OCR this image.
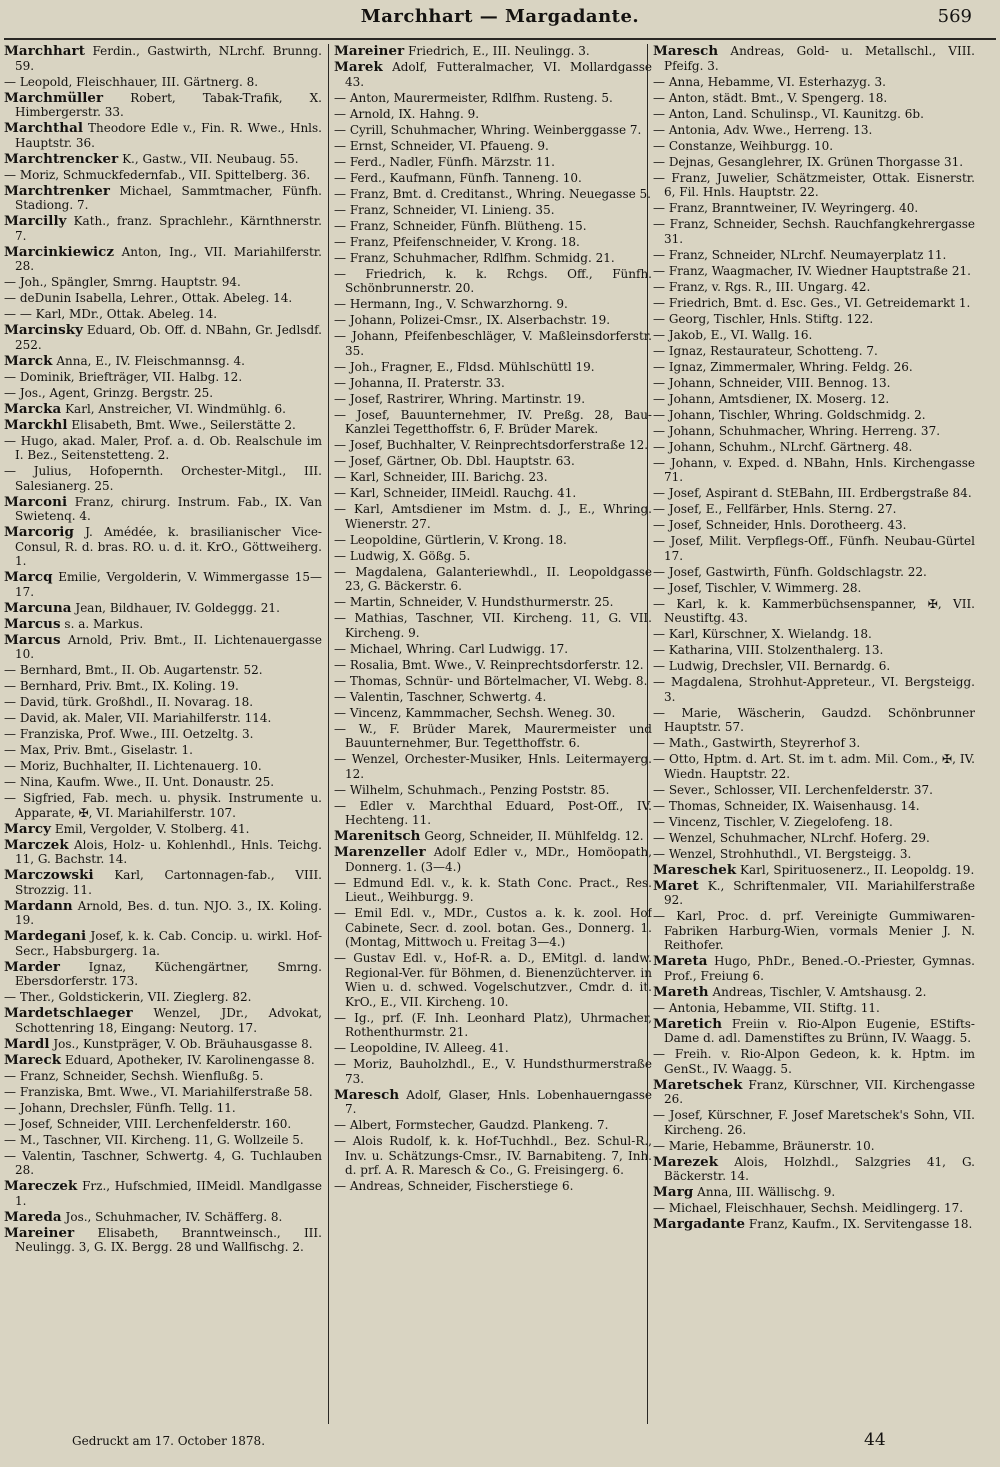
Marchhart — Margadante.	569
Marchhart Ferdin., Gastwirth, NLrchf. Brunng. 59.
— Leopold, Fleischhauer, III. Gärtnerg. 8.
Marchmüller Robert, Tabak-Trafik, X. Himbergerstr. 33.
Marchthal Theodore Edle v., Fin. R. Wwe., Hnls. Hauptstr. 36.
Marchtrencker K., Gastw., VII. Neubaug. 55.
— Moriz, Schmuckfedernfab., VII. Spittelberg. 36.
Marchtrenker Michael, Sammtmacher, Fünfh. Stadiong. 7.
Marcilly Kath., franz. Sprachlehr., Kärnthnerstr. 7.
Marcinkiewicz Anton, Ing., VII. Mariahilferstr. 28.
— Joh., Spängler, Smrng. Hauptstr. 94.
— deDunin Isabella, Lehrer., Ottak. Abeleg. 14.
— — Karl, MDr., Ottak. Abeleg. 14.
Marcinsky Eduard, Ob. Off. d. NBahn, Gr. Jedlsdf. 252.
Marck Anna, E., IV. Fleischmannsg. 4.
— Dominik, Briefträger, VII. Halbg. 12.
— Jos., Agent, Grinzg. Bergstr. 25.
Marcka Karl, Anstreicher, VI. Windmühlg. 6.
Marckhl Elisabeth, Bmt. Wwe., Seilerstätte 2.
— Hugo, akad. Maler, Prof. a. d. Ob. Realschule im I. Bez., Seitenstetteng. 2.
— Julius, Hofopernth. Orchester-Mitgl., III. Salesianerg. 25.
Marconi Franz, chirurg. Instrum. Fab., IX. Van Swietenq. 4.
Marcorig J. Amédée, k. brasilianischer Vice-Consul, R. d. bras. RO. u. d. it. KrO., Göttweiherg. 1.
Marcq Emilie, Vergolderin, V. Wimmergasse 15—17.
Marcuna Jean, Bildhauer, IV. Goldeggg. 21.
Marcus s. a. Markus.
Marcus Arnold, Priv. Bmt., II. Lichtenauergasse 10.
— Bernhard, Bmt., II. Ob. Augartenstr. 52.
— Bernhard, Priv. Bmt., IX. Koling. 19.
— David, türk. Großhdl., II. Novarag. 18.
— David, ak. Maler, VII. Mariahilferstr. 114.
— Franziska, Prof. Wwe., III. Oetzeltg. 3.
— Max, Priv. Bmt., Giselastr. 1.
— Moriz, Buchhalter, II. Lichtenauerg. 10.
— Nina, Kaufm. Wwe., II. Unt. Donaustr. 25.
— Sigfried, Fab. mech. u. physik. Instrumente u. Apparate, ✠, VI. Mariahilferstr. 107.
Marcy Emil, Vergolder, V. Stolberg. 41.
Marczek Alois, Holz- u. Kohlenhdl., Hnls. Teichg. 11, G. Bachstr. 14.
Marczowski Karl, Cartonnagen-fab., VIII. Strozzig. 11.
Mardann Arnold, Bes. d. tun. NJO. 3., IX. Koling. 19.
Mardegani Josef, k. k. Cab. Concip. u. wirkl. Hof-Secr., Habsburgerg. 1a.
Marder Ignaz, Küchengärtner, Smrng. Ebersdorferstr. 173.
— Ther., Goldstickerin, VII. Zieglerg. 82.
Mardetschlaeger Wenzel, JDr., Advokat, Schottenring 18, Eingang: Neutorg. 17.
Mardl Jos., Kunstpräger, V. Ob. Bräuhausgasse 8.
Mareck Eduard, Apotheker, IV. Karolinengasse 8.
— Franz, Schneider, Sechsh. Wienflußg. 5.
— Franziska, Bmt. Wwe., VI. Mariahilferstraße 58.
— Johann, Drechsler, Fünfh. Tellg. 11.
— Josef, Schneider, VIII. Lerchenfelderstr. 160.
— M., Taschner, VII. Kircheng. 11, G. Wollzeile 5.
— Valentin, Taschner, Schwertg. 4, G. Tuchlauben 28.
Mareczek Frz., Hufschmied, IIMeidl. Mandlgasse 1.
Mareda Jos., Schuhmacher, IV. Schäfferg. 8.
Mareiner Elisabeth, Branntweinsch., III. Neulingg. 3, G. IX. Bergg. 28 und Wallfischg. 2.
Mareiner Friedrich, E., III. Neulingg. 3.
Marek Adolf, Futteralmacher, VI. Mollardgasse 43.
— Anton, Maurermeister, Rdlfhm. Rusteng. 5.
— Arnold, IX. Hahng. 9.
— Cyrill, Schuhmacher, Whring. Weinberggasse 7.
— Ernst, Schneider, VI. Pfaueng. 9.
— Ferd., Nadler, Fünfh. Märzstr. 11.
— Ferd., Kaufmann, Fünfh. Tanneng. 10.
— Franz, Bmt. d. Creditanst., Whring. Neuegasse 5.
— Franz, Schneider, VI. Linieng. 35.
— Franz, Schneider, Fünfh. Blütheng. 15.
— Franz, Pfeifenschneider, V. Krong. 18.
— Franz, Schuhmacher, Rdlfhm. Schmidg. 21.
— Friedrich, k. k. Rchgs. Off., Fünfh. Schönbrunnerstr. 20.
— Hermann, Ing., V. Schwarzhorng. 9.
— Johann, Polizei-Cmsr., IX. Alserbachstr. 19.
— Johann, Pfeifenbeschläger, V. Maßleinsdorferstr. 35.
— Joh., Fragner, E., Fldsd. Mühlschüttl 19.
— Johanna, II. Praterstr. 33.
— Josef, Rastrirer, Whring. Martinstr. 19.
— Josef, Bauunternehmer, IV. Preßg. 28, Bau-Kanzlei Tegetthoffstr. 6, F. Brüder Marek.
— Josef, Buchhalter, V. Reinprechtsdorferstraße 12.
— Josef, Gärtner, Ob. Dbl. Hauptstr. 63.
— Karl, Schneider, III. Barichg. 23.
— Karl, Schneider, IIMeidl. Rauchg. 41.
— Karl, Amtsdiener im Mstm. d. J., E., Whring. Wienerstr. 27.
— Leopoldine, Gürtlerin, V. Krong. 18.
— Ludwig, X. Gößg. 5.
— Magdalena, Galanteriewhdl., II. Leopoldgasse 23, G. Bäckerstr. 6.
— Martin, Schneider, V. Hundsthurmerstr. 25.
— Mathias, Taschner, VII. Kircheng. 11, G. VII. Kircheng. 9.
— Michael, Whring. Carl Ludwigg. 17.
— Rosalia, Bmt. Wwe., V. Reinprechtsdorferstr. 12.
— Thomas, Schnür- und Börtelmacher, VI. Webg. 8.
— Valentin, Taschner, Schwertg. 4.
— Vincenz, Kammmacher, Sechsh. Weneg. 30.
— W., F. Brüder Marek, Maurermeister und Bauunternehmer, Bur. Tegetthoffstr. 6.
— Wenzel, Orchester-Musiker, Hnls. Leitermayerg. 12.
— Wilhelm, Schuhmach., Penzing Poststr. 85.
— Edler v. Marchthal Eduard, Post-Off., IV. Hechteng. 11.
Marenitsch Georg, Schneider, II. Mühlfeldg. 12.
Marenzeller Adolf Edler v., MDr., Homöopath, Donnerg. 1. (3—4.)
— Edmund Edl. v., k. k. Stath Conc. Pract., Res. Lieut., Weihburgg. 9.
— Emil Edl. v., MDr., Custos a. k. k. zool. Hof Cabinete, Secr. d. zool. botan. Ges., Donnerg. 1. (Montag, Mittwoch u. Freitag 3—4.)
— Gustav Edl. v., Hof-R. a. D., EMitgl. d. landw. Regional-Ver. für Böhmen, d. Bienenzüchterver. in Wien u. d. schwed. Vogelschutzver., Cmdr. d. it. KrO., E., VII. Kircheng. 10.
— Ig., prf. (F. Inh. Leonhard Platz), Uhrmacher, Rothenthurmstr. 21.
— Leopoldine, IV. Alleeg. 41.
— Moriz, Bauholzhdl., E., V. Hundsthurmerstraße 73.
Maresch Adolf, Glaser, Hnls. Lobenhauerngasse 7.
— Albert, Formstecher, Gaudzd. Plankeng. 7.
— Alois Rudolf, k. k. Hof-Tuchhdl., Bez. Schul-R., Inv. u. Schätzungs-Cmsr., IV. Barnabiteng. 7, Inh. d. prf. A. R. Maresch & Co., G. Freisingerg. 6.
— Andreas, Schneider, Fischerstiege 6.
Maresch Andreas, Gold- u. Metallschl., VIII. Pfeifg. 3.
— Anna, Hebamme, VI. Esterhazyg. 3.
— Anton, städt. Bmt., V. Spengerg. 18.
— Anton, Land. Schulinsp., VI. Kaunitzg. 6b.
— Antonia, Adv. Wwe., Herreng. 13.
— Constanze, Weihburgg. 10.
— Dejnas, Gesanglehrer, IX. Grünen Thorgasse 31.
— Franz, Juwelier, Schätzmeister, Ottak. Eisnerstr. 6, Fil. Hnls. Hauptstr. 22.
— Franz, Branntweiner, IV. Weyringerg. 40.
— Franz, Schneider, Sechsh. Rauchfangkehrergasse 31.
— Franz, Schneider, NLrchf. Neumayerplatz 11.
— Franz, Waagmacher, IV. Wiedner Hauptstraße 21.
— Franz, v. Rgs. R., III. Ungarg. 42.
— Friedrich, Bmt. d. Esc. Ges., VI. Getreidemarkt 1.
— Georg, Tischler, Hnls. Stiftg. 122.
— Jakob, E., VI. Wallg. 16.
— Ignaz, Restaurateur, Schotteng. 7.
— Ignaz, Zimmermaler, Whring. Feldg. 26.
— Johann, Schneider, VIII. Bennog. 13.
— Johann, Amtsdiener, IX. Moserg. 12.
— Johann, Tischler, Whring. Goldschmidg. 2.
— Johann, Schuhmacher, Whring. Herreng. 37.
— Johann, Schuhm., NLrchf. Gärtnerg. 48.
— Johann, v. Exped. d. NBahn, Hnls. Kirchengasse 71.
— Josef, Aspirant d. StEBahn, III. Erdbergstraße 84.
— Josef, E., Fellfärber, Hnls. Sterng. 27.
— Josef, Schneider, Hnls. Dorotheerg. 43.
— Josef, Milit. Verpflegs-Off., Fünfh. Neubau-Gürtel 17.
— Josef, Gastwirth, Fünfh. Goldschlagstr. 22.
— Josef, Tischler, V. Wimmerg. 28.
— Karl, k. k. Kammerbüchsenspanner, ✠, VII. Neustiftg. 43.
— Karl, Kürschner, X. Wielandg. 18.
— Katharina, VIII. Stolzenthalerg. 13.
— Ludwig, Drechsler, VII. Bernardg. 6.
— Magdalena, Strohhut-Appreteur., VI. Bergsteigg. 3.
— Marie, Wäscherin, Gaudzd. Schönbrunner Hauptstr. 57.
— Math., Gastwirth, Steyrerhof 3.
— Otto, Hptm. d. Art. St. im t. adm. Mil. Com., ✠, IV. Wiedn. Hauptstr. 22.
— Sever., Schlosser, VII. Lerchenfelderstr. 37.
— Thomas, Schneider, IX. Waisenhausg. 14.
— Vincenz, Tischler, V. Ziegelofeng. 18.
— Wenzel, Schuhmacher, NLrchf. Hoferg. 29.
— Wenzel, Strohhuthdl., VI. Bergsteigg. 3.
Mareschek Karl, Spirituosenerz., II. Leopoldg. 19.
Maret K., Schriftenmaler, VII. Mariahilferstraße 92.
— Karl, Proc. d. prf. Vereinigte Gummiwaren-Fabriken Harburg-Wien, vormals Menier J. N. Reithofer.
Mareta Hugo, PhDr., Bened.-O.-Priester, Gymnas. Prof., Freiung 6.
Mareth Andreas, Tischler, V. Amtshausg. 2.
— Antonia, Hebamme, VII. Stiftg. 11.
Maretich Freiin v. Rio-Alpon Eugenie, EStifts-Dame d. adl. Damenstiftes zu Brünn, IV. Waagg. 5.
— Freih. v. Rio-Alpon Gedeon, k. k. Hptm. im GenSt., IV. Waagg. 5.
Maretschek Franz, Kürschner, VII. Kirchengasse 26.
— Josef, Kürschner, F. Josef Maretschek's Sohn, VII. Kircheng. 26.
— Marie, Hebamme, Bräunerstr. 10.
Marezek Alois, Holzhdl., Salzgries 41, G. Bäckerstr. 14.
Marg Anna, III. Wällischg. 9.
— Michael, Fleischhauer, Sechsh. Meidlingerg. 17.
Margadante Franz, Kaufm., IX. Servitengasse 18.
Gedruckt am 17. October 1878.	44
